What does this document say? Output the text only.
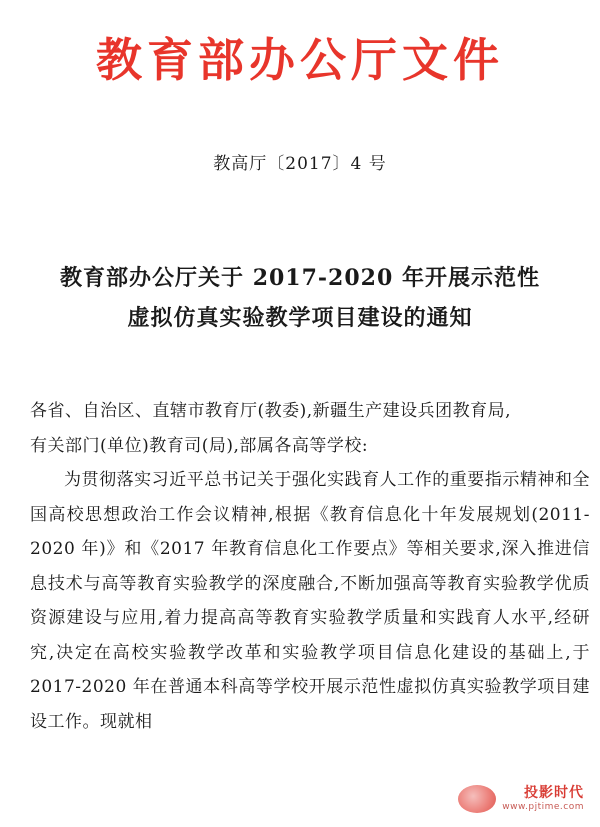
教育部办公厅文件
教高厅〔2017〕4 号
教育部办公厅关于 2017-2020 年开展示范性
虚拟仿真实验教学项目建设的通知

各省、自治区、直辖市教育厅(教委),新疆生产建设兵团教育局,

有关部门(单位)教育司(局),部属各高等学校:

为贯彻落实习近平总书记关于强化实践育人工作的重要指示精神和全国高校思想政治工作会议精神,根据《教育信息化十年发展规划(2011-2020 年)》和《2017 年教育信息化工作要点》等相关要求,深入推进信息技术与高等教育实验教学的深度融合,不断加强高等教育实验教学优质资源建设与应用,着力提高高等教育实验教学质量和实践育人水平,经研究,决定在高校实验教学改革和实验教学项目信息化建设的基础上,于 2017-2020 年在普通本科高等学校开展示范性虚拟仿真实验教学项目建设工作。现就相

投影时代
www.pjtime.com
